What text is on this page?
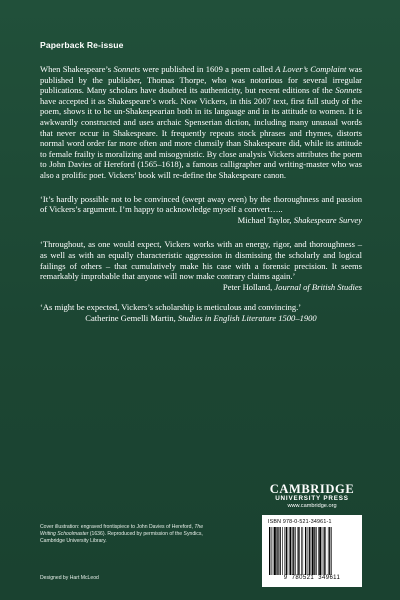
Paperback Re-issue

When Shakespeare’s Sonnets were published in 1609 a poem called A Lover’s Complaint was published by the publisher, Thomas Thorpe, who was notorious for several irregular publications. Many scholars have doubted its authenticity, but recent editions of the Sonnets have accepted it as Shakespeare’s work. Now Vickers, in this 2007 text, first full study of the poem, shows it to be un-Shakespearian both in its language and in its attitude to women. It is awkwardly constructed and uses archaic Spenserian diction, including many unusual words that never occur in Shakespeare. It frequently repeats stock phrases and rhymes, distorts normal word order far more often and more clumsily than Shakespeare did, while its attitude to female frailty is moralizing and misogynistic. By close analysis Vickers attributes the poem to John Davies of Hereford (1565–1618), a famous calligrapher and writing-master who was also a prolific poet. Vickers’ book will re-define the Shakespeare canon.

‘It’s hardly possible not to be convinced (swept away even) by the thoroughness and passion of Vickers’s argument. I’m happy to acknowledge myself a convert…..

Michael Taylor, Shakespeare Survey

‘Throughout, as one would expect, Vickers works with an energy, rigor, and thoroughness – as well as with an equally characteristic aggression in dismissing the scholarly and logical failings of others – that cumulatively make his case with a forensic precision. It seems remarkably improbable that anyone will now make contrary claims again.’

Peter Holland, Journal of British Studies

‘As might be expected, Vickers’s scholarship is meticulous and convincing.’

Catherine Gemelli Martin, Studies in English Literature 1500–1900

Cover illustration: engraved frontispiece to John Davies of Hereford, The Writing Schoolmaster (1636). Reproduced by permission of the Syndics, Cambridge University Library.
Designed by Hart McLeod
CAMBRIDGE
UNIVERSITY PRESS
www.cambridge.org
ISBN 978-0-521-34961-1
9 780521 349611
